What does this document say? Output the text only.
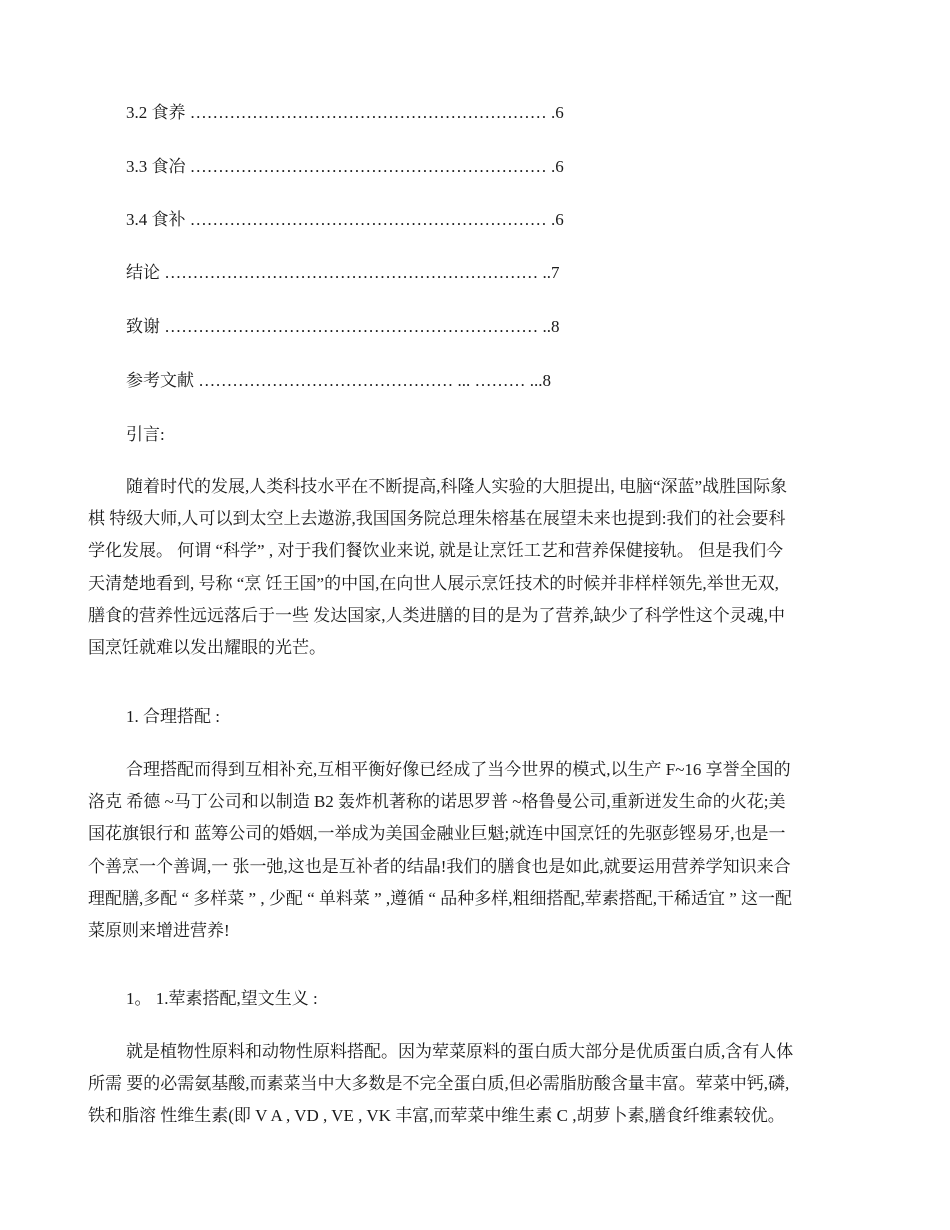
3.2 食养 ……………………………………………………… .6
3.3 食冶 ……………………………………………………… .6
3.4 食补 ……………………………………………………… .6
结论 ………………………………………………………… ..7
致谢 ………………………………………………………… ..8
参考文献 ……………………………………… ... ……… ...8
引言:
随着时代的发展,人类科技水平在不断提高,科隆人实验的大胆提出, 电脑“深蓝”战胜国际象
棋 特级大师,人可以到太空上去遨游,我国国务院总理朱榕基在展望未来也提到:我们的社会要科
学化发展。 何谓 “科学” , 对于我们餐饮业来说, 就是让烹饪工艺和营养保健接轨。 但是我们今
天清楚地看到, 号称 “烹 饪王国”的中国,在向世人展示烹饪技术的时候并非样样领先,举世无双,
膳食的营养性远远落后于一些 发达国家,人类进膳的目的是为了营养,缺少了科学性这个灵魂,中
国烹饪就难以发出耀眼的光芒。
1. 合理搭配 :
合理搭配而得到互相补充,互相平衡好像已经成了当今世界的模式,以生产 F~16 享誉全国的
洛克 希德 ~马丁公司和以制造 B2 轰炸机著称的诺思罗普 ~格鲁曼公司,重新迸发生命的火花;美
国花旗银行和 蓝筹公司的婚姻,一举成为美国金融业巨魁;就连中国烹饪的先驱彭铿易牙,也是一
个善烹一个善调,一 张一弛,这也是互补者的结晶!我们的膳食也是如此,就要运用营养学知识来合
理配膳,多配 “ 多样菜 ” , 少配 “ 单料菜 ” ,遵循 “ 品种多样,粗细搭配,荤素搭配,干稀适宜 ” 这一配
菜原则来增进营养!
1。 1.荤素搭配,望文生义 :
就是植物性原料和动物性原料搭配。因为荤菜原料的蛋白质大部分是优质蛋白质,含有人体
所需 要的必需氨基酸,而素菜当中大多数是不完全蛋白质,但必需脂肪酸含量丰富。荤菜中钙,磷,
铁和脂溶 性维生素(即 V A , VD , VE , VK 丰富,而荤菜中维生素 C ,胡萝卜素,膳食纤维素较优。
